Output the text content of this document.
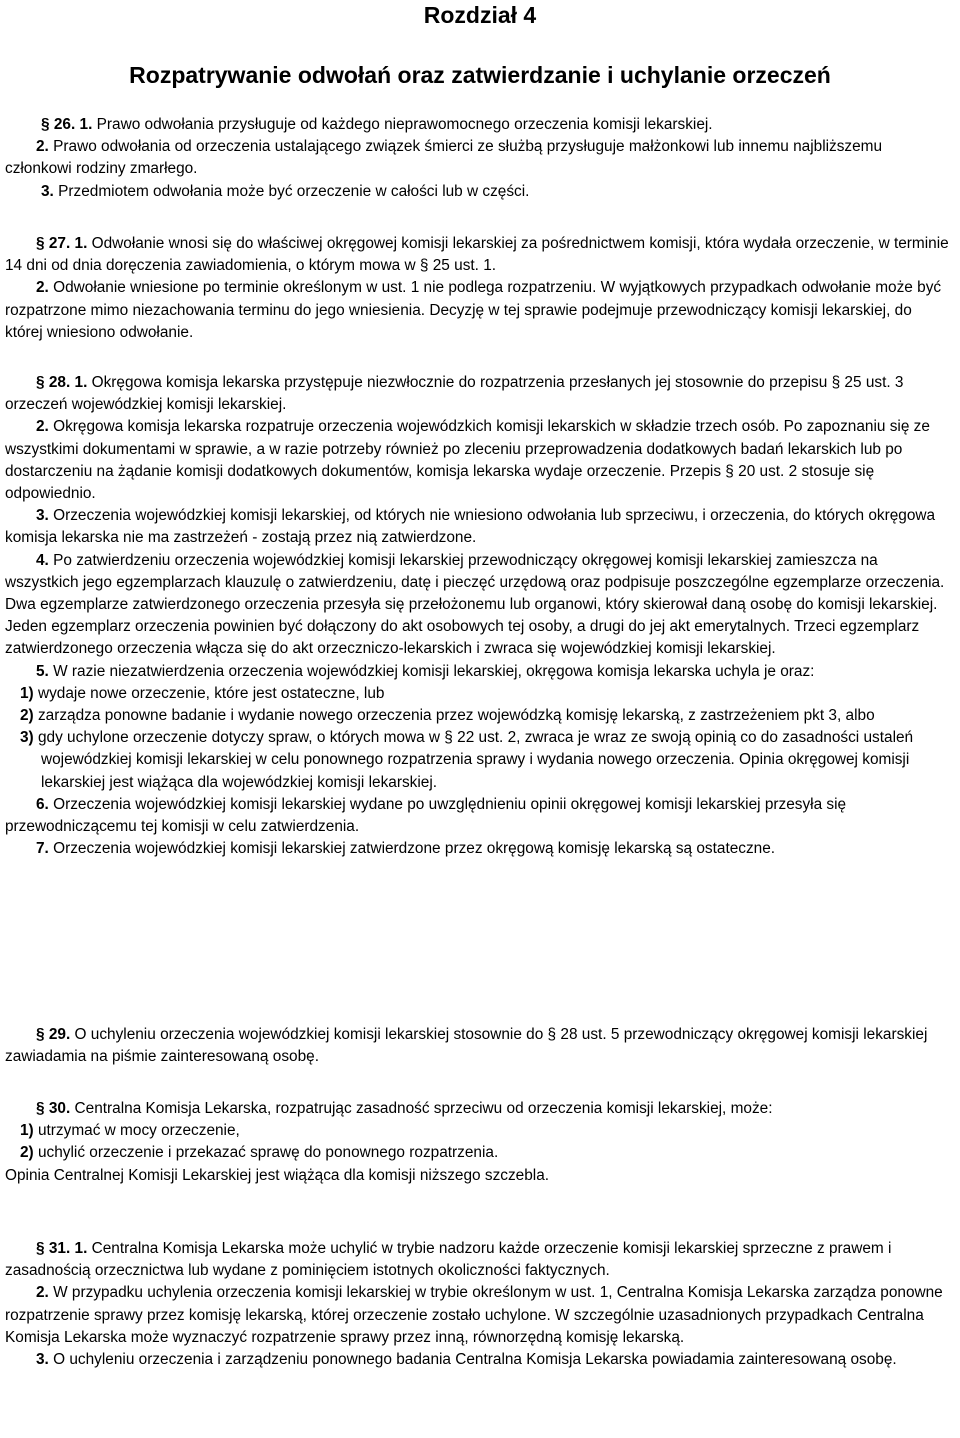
Rozdział 4
Rozpatrywanie odwołań oraz zatwierdzanie i uchylanie orzeczeń

§ 26. 1. Prawo odwołania przysługuje od każdego nieprawomocnego orzeczenia komisji lekarskiej.

2. Prawo odwołania od orzeczenia ustalającego związek śmierci ze służbą przysługuje małżonkowi lub innemu najbliższemu członkowi rodziny zmarłego.

3. Przedmiotem odwołania może być orzeczenie w całości lub w części.

§ 27. 1. Odwołanie wnosi się do właściwej okręgowej komisji lekarskiej za pośrednictwem komisji, która wydała orzeczenie, w terminie 14 dni od dnia doręczenia zawiadomienia, o którym mowa w § 25 ust. 1.

2. Odwołanie wniesione po terminie określonym w ust. 1 nie podlega rozpatrzeniu. W wyjątkowych przypadkach odwołanie może być rozpatrzone mimo niezachowania terminu do jego wniesienia. Decyzję w tej sprawie podejmuje przewodniczący komisji lekarskiej, do której wniesiono odwołanie.

§ 28. 1. Okręgowa komisja lekarska przystępuje niezwłocznie do rozpatrzenia przesłanych jej stosownie do przepisu § 25 ust. 3 orzeczeń wojewódzkiej komisji lekarskiej.

2. Okręgowa komisja lekarska rozpatruje orzeczenia wojewódzkich komisji lekarskich w składzie trzech osób. Po zapoznaniu się ze wszystkimi dokumentami w sprawie, a w razie potrzeby również po zleceniu przeprowadzenia dodatkowych badań lekarskich lub po dostarczeniu na żądanie komisji dodatkowych dokumentów, komisja lekarska wydaje orzeczenie. Przepis § 20 ust. 2 stosuje się odpowiednio.

3. Orzeczenia wojewódzkiej komisji lekarskiej, od których nie wniesiono odwołania lub sprzeciwu, i orzeczenia, do których okręgowa komisja lekarska nie ma zastrzeżeń - zostają przez nią zatwierdzone.

4. Po zatwierdzeniu orzeczenia wojewódzkiej komisji lekarskiej przewodniczący okręgowej komisji lekarskiej zamieszcza na wszystkich jego egzemplarzach klauzulę o zatwierdzeniu, datę i pieczęć urzędową oraz podpisuje poszczególne egzemplarze orzeczenia. Dwa egzemplarze zatwierdzonego orzeczenia przesyła się przełożonemu lub organowi, który skierował daną osobę do komisji lekarskiej. Jeden egzemplarz orzeczenia powinien być dołączony do akt osobowych tej osoby, a drugi do jej akt emerytalnych. Trzeci egzemplarz zatwierdzonego orzeczenia włącza się do akt orzeczniczo-lekarskich i zwraca się wojewódzkiej komisji lekarskiej.

5. W razie niezatwierdzenia orzeczenia wojewódzkiej komisji lekarskiej, okręgowa komisja lekarska uchyla je oraz:

1) wydaje nowe orzeczenie, które jest ostateczne, lub

2) zarządza ponowne badanie i wydanie nowego orzeczenia przez wojewódzką komisję lekarską, z zastrzeżeniem pkt 3, albo

3) gdy uchylone orzeczenie dotyczy spraw, o których mowa w § 22 ust. 2, zwraca je wraz ze swoją opinią co do zasadności ustaleń wojewódzkiej komisji lekarskiej w celu ponownego rozpatrzenia sprawy i wydania nowego orzeczenia. Opinia okręgowej komisji lekarskiej jest wiążąca dla wojewódzkiej komisji lekarskiej.

6. Orzeczenia wojewódzkiej komisji lekarskiej wydane po uwzględnieniu opinii okręgowej komisji lekarskiej przesyła się przewodniczącemu tej komisji w celu zatwierdzenia.

7. Orzeczenia wojewódzkiej komisji lekarskiej zatwierdzone przez okręgową komisję lekarską są ostateczne.

§ 29. O uchyleniu orzeczenia wojewódzkiej komisji lekarskiej stosownie do § 28 ust. 5 przewodniczący okręgowej komisji lekarskiej zawiadamia na piśmie zainteresowaną osobę.

§ 30. Centralna Komisja Lekarska, rozpatrując zasadność sprzeciwu od orzeczenia komisji lekarskiej, może:

1) utrzymać w mocy orzeczenie,

2) uchylić orzeczenie i przekazać sprawę do ponownego rozpatrzenia.

Opinia Centralnej Komisji Lekarskiej jest wiążąca dla komisji niższego szczebla.

§ 31. 1. Centralna Komisja Lekarska może uchylić w trybie nadzoru każde orzeczenie komisji lekarskiej sprzeczne z prawem i zasadnością orzecznictwa lub wydane z pominięciem istotnych okoliczności faktycznych.

2. W przypadku uchylenia orzeczenia komisji lekarskiej w trybie określonym w ust. 1, Centralna Komisja Lekarska zarządza ponowne rozpatrzenie sprawy przez komisję lekarską, której orzeczenie zostało uchylone. W szczególnie uzasadnionych przypadkach Centralna Komisja Lekarska może wyznaczyć rozpatrzenie sprawy przez inną, równorzędną komisję lekarską.

3. O uchyleniu orzeczenia i zarządzeniu ponownego badania Centralna Komisja Lekarska powiadamia zainteresowaną osobę.
